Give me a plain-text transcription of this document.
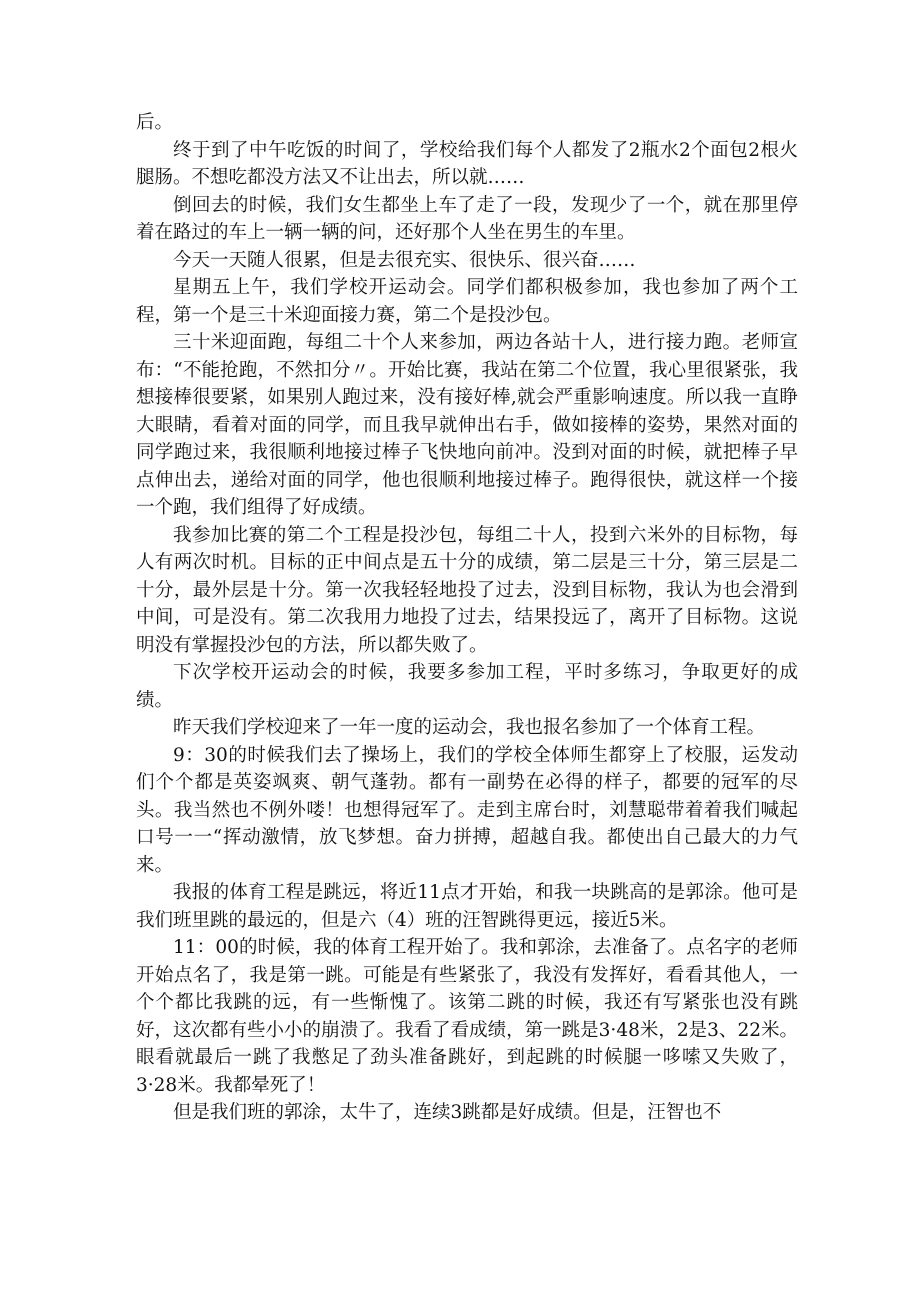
后。

终于到了中午吃饭的时间了，学校给我们每个人都发了2瓶水2个面包2根火腿肠。不想吃都没方法又不让出去，所以就……

倒回去的时候，我们女生都坐上车了走了一段，发现少了一个，就在那里停着在路过的车上一辆一辆的问，还好那个人坐在男生的车里。

今天一天随人很累，但是去很充实、很快乐、很兴奋……

星期五上午，我们学校开运动会。同学们都积极参加，我也参加了两个工程，第一个是三十米迎面接力赛，第二个是投沙包。

三十米迎面跑，每组二十个人来参加，两边各站十人，进行接力跑。老师宣布：“不能抢跑，不然扣分〃。开始比赛，我站在第二个位置，我心里很紧张，我想接棒很要紧，如果别人跑过来，没有接好棒,就会严重影响速度。所以我一直睁大眼睛，看着对面的同学，而且我早就伸出右手，做如接棒的姿势，果然对面的同学跑过来，我很顺利地接过棒子飞快地向前冲。没到对面的时候，就把棒子早点伸出去，递给对面的同学，他也很顺利地接过棒子。跑得很快，就这样一个接一个跑，我们组得了好成绩。

我参加比赛的第二个工程是投沙包，每组二十人，投到六米外的目标物，每人有两次时机。目标的正中间点是五十分的成绩，第二层是三十分，第三层是二十分，最外层是十分。第一次我轻轻地投了过去，没到目标物，我认为也会滑到中间，可是没有。第二次我用力地投了过去，结果投远了，离开了目标物。这说明没有掌握投沙包的方法，所以都失败了。

下次学校开运动会的时候，我要多参加工程，平时多练习，争取更好的成绩。

昨天我们学校迎来了一年一度的运动会，我也报名参加了一个体育工程。

9：30的时候我们去了操场上，我们的学校全体师生都穿上了校服，运发动们个个都是英姿飒爽、朝气蓬勃。都有一副势在必得的样子，都要的冠军的尽头。我当然也不例外喽！也想得冠军了。走到主席台时，刘慧聪带着着我们喊起口号一一“挥动激情，放飞梦想。奋力拼搏，超越自我。都使出自己最大的力气来。

我报的体育工程是跳远，将近11点才开始，和我一块跳高的是郭涂。他可是我们班里跳的最远的，但是六（4）班的汪智跳得更远，接近5米。

11：00的时候，我的体育工程开始了。我和郭涂，去准备了。点名字的老师开始点名了，我是第一跳。可能是有些紧张了，我没有发挥好，看看其他人，一个个都比我跳的远，有一些惭愧了。该第二跳的时候，我还有写紧张也没有跳好，这次都有些小小的崩溃了。我看了看成绩，第一跳是3·48米，2是3、22米。眼看就最后一跳了我憋足了劲头准备跳好，到起跳的时候腿一哆嗦又失败了，3·28米。我都晕死了！

但是我们班的郭涂，太牛了，连续3跳都是好成绩。但是，汪智也不
